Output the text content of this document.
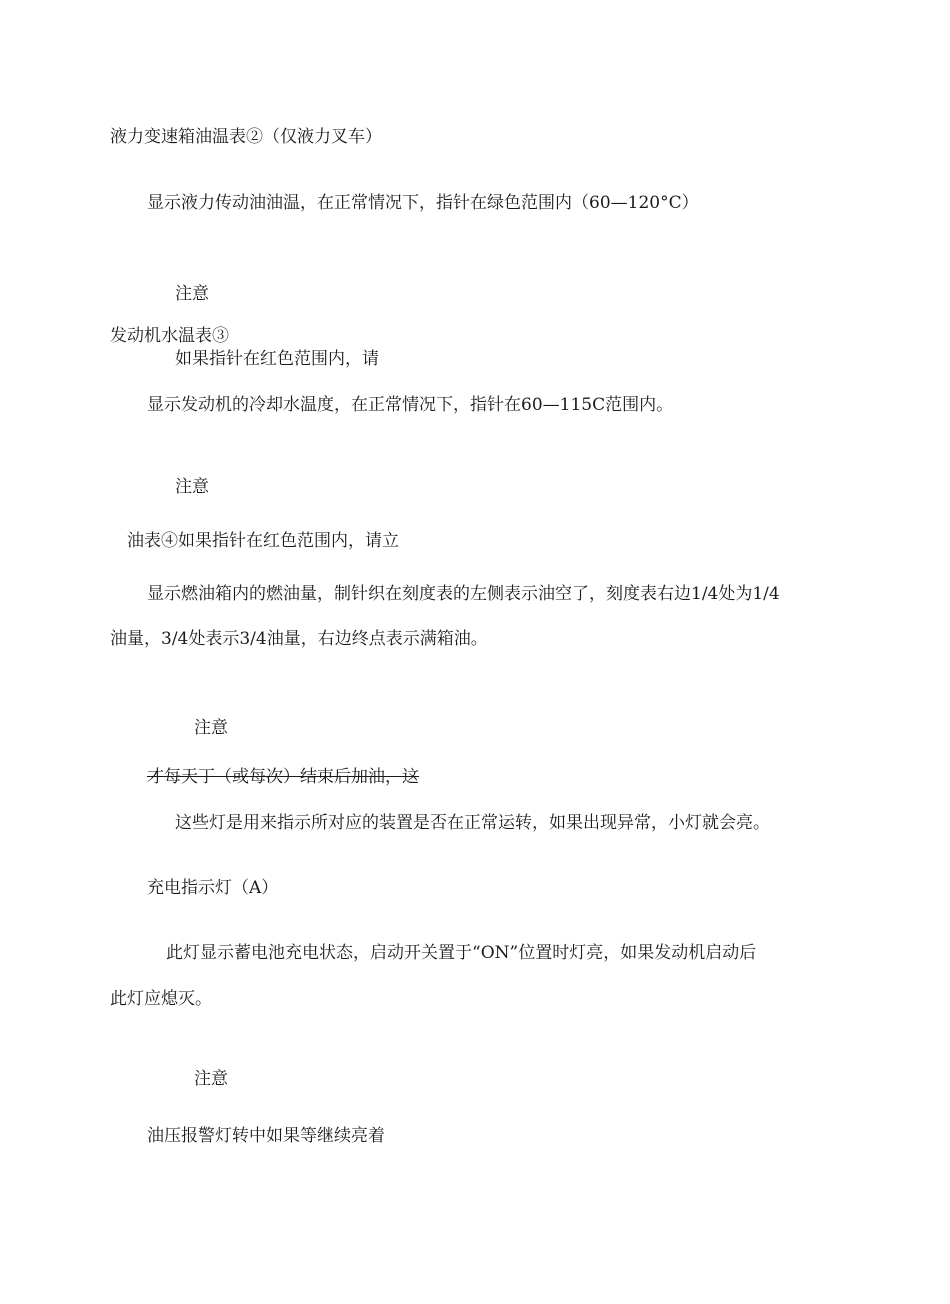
液力变速箱油温表②（仅液力叉车）
显示液力传动油油温，在正常情况下，指针在绿色范围内（60—120°C）
注意
发动机水温表③
如果指针在红色范围内，请
显示发动机的冷却水温度，在正常情况下，指针在60—115C范围内。
注意
油表④如果指针在红色范围内，请立
显示燃油箱内的燃油量，制针织在刻度表的左侧表示油空了，刻度表右边1/4处为1/4
油量，3/4处表示3/4油量，右边终点表示满箱油。
注意
才每天丁（或每次）结束后加油，这
这些灯是用来指示所对应的装置是否在正常运转，如果出现异常，小灯就会亮。
充电指示灯（A）
此灯显示蓄电池充电状态，启动开关置于“ON”位置时灯亮，如果发动机启动后
此灯应熄灭。
注意
油压报警灯转中如果等继续亮着
